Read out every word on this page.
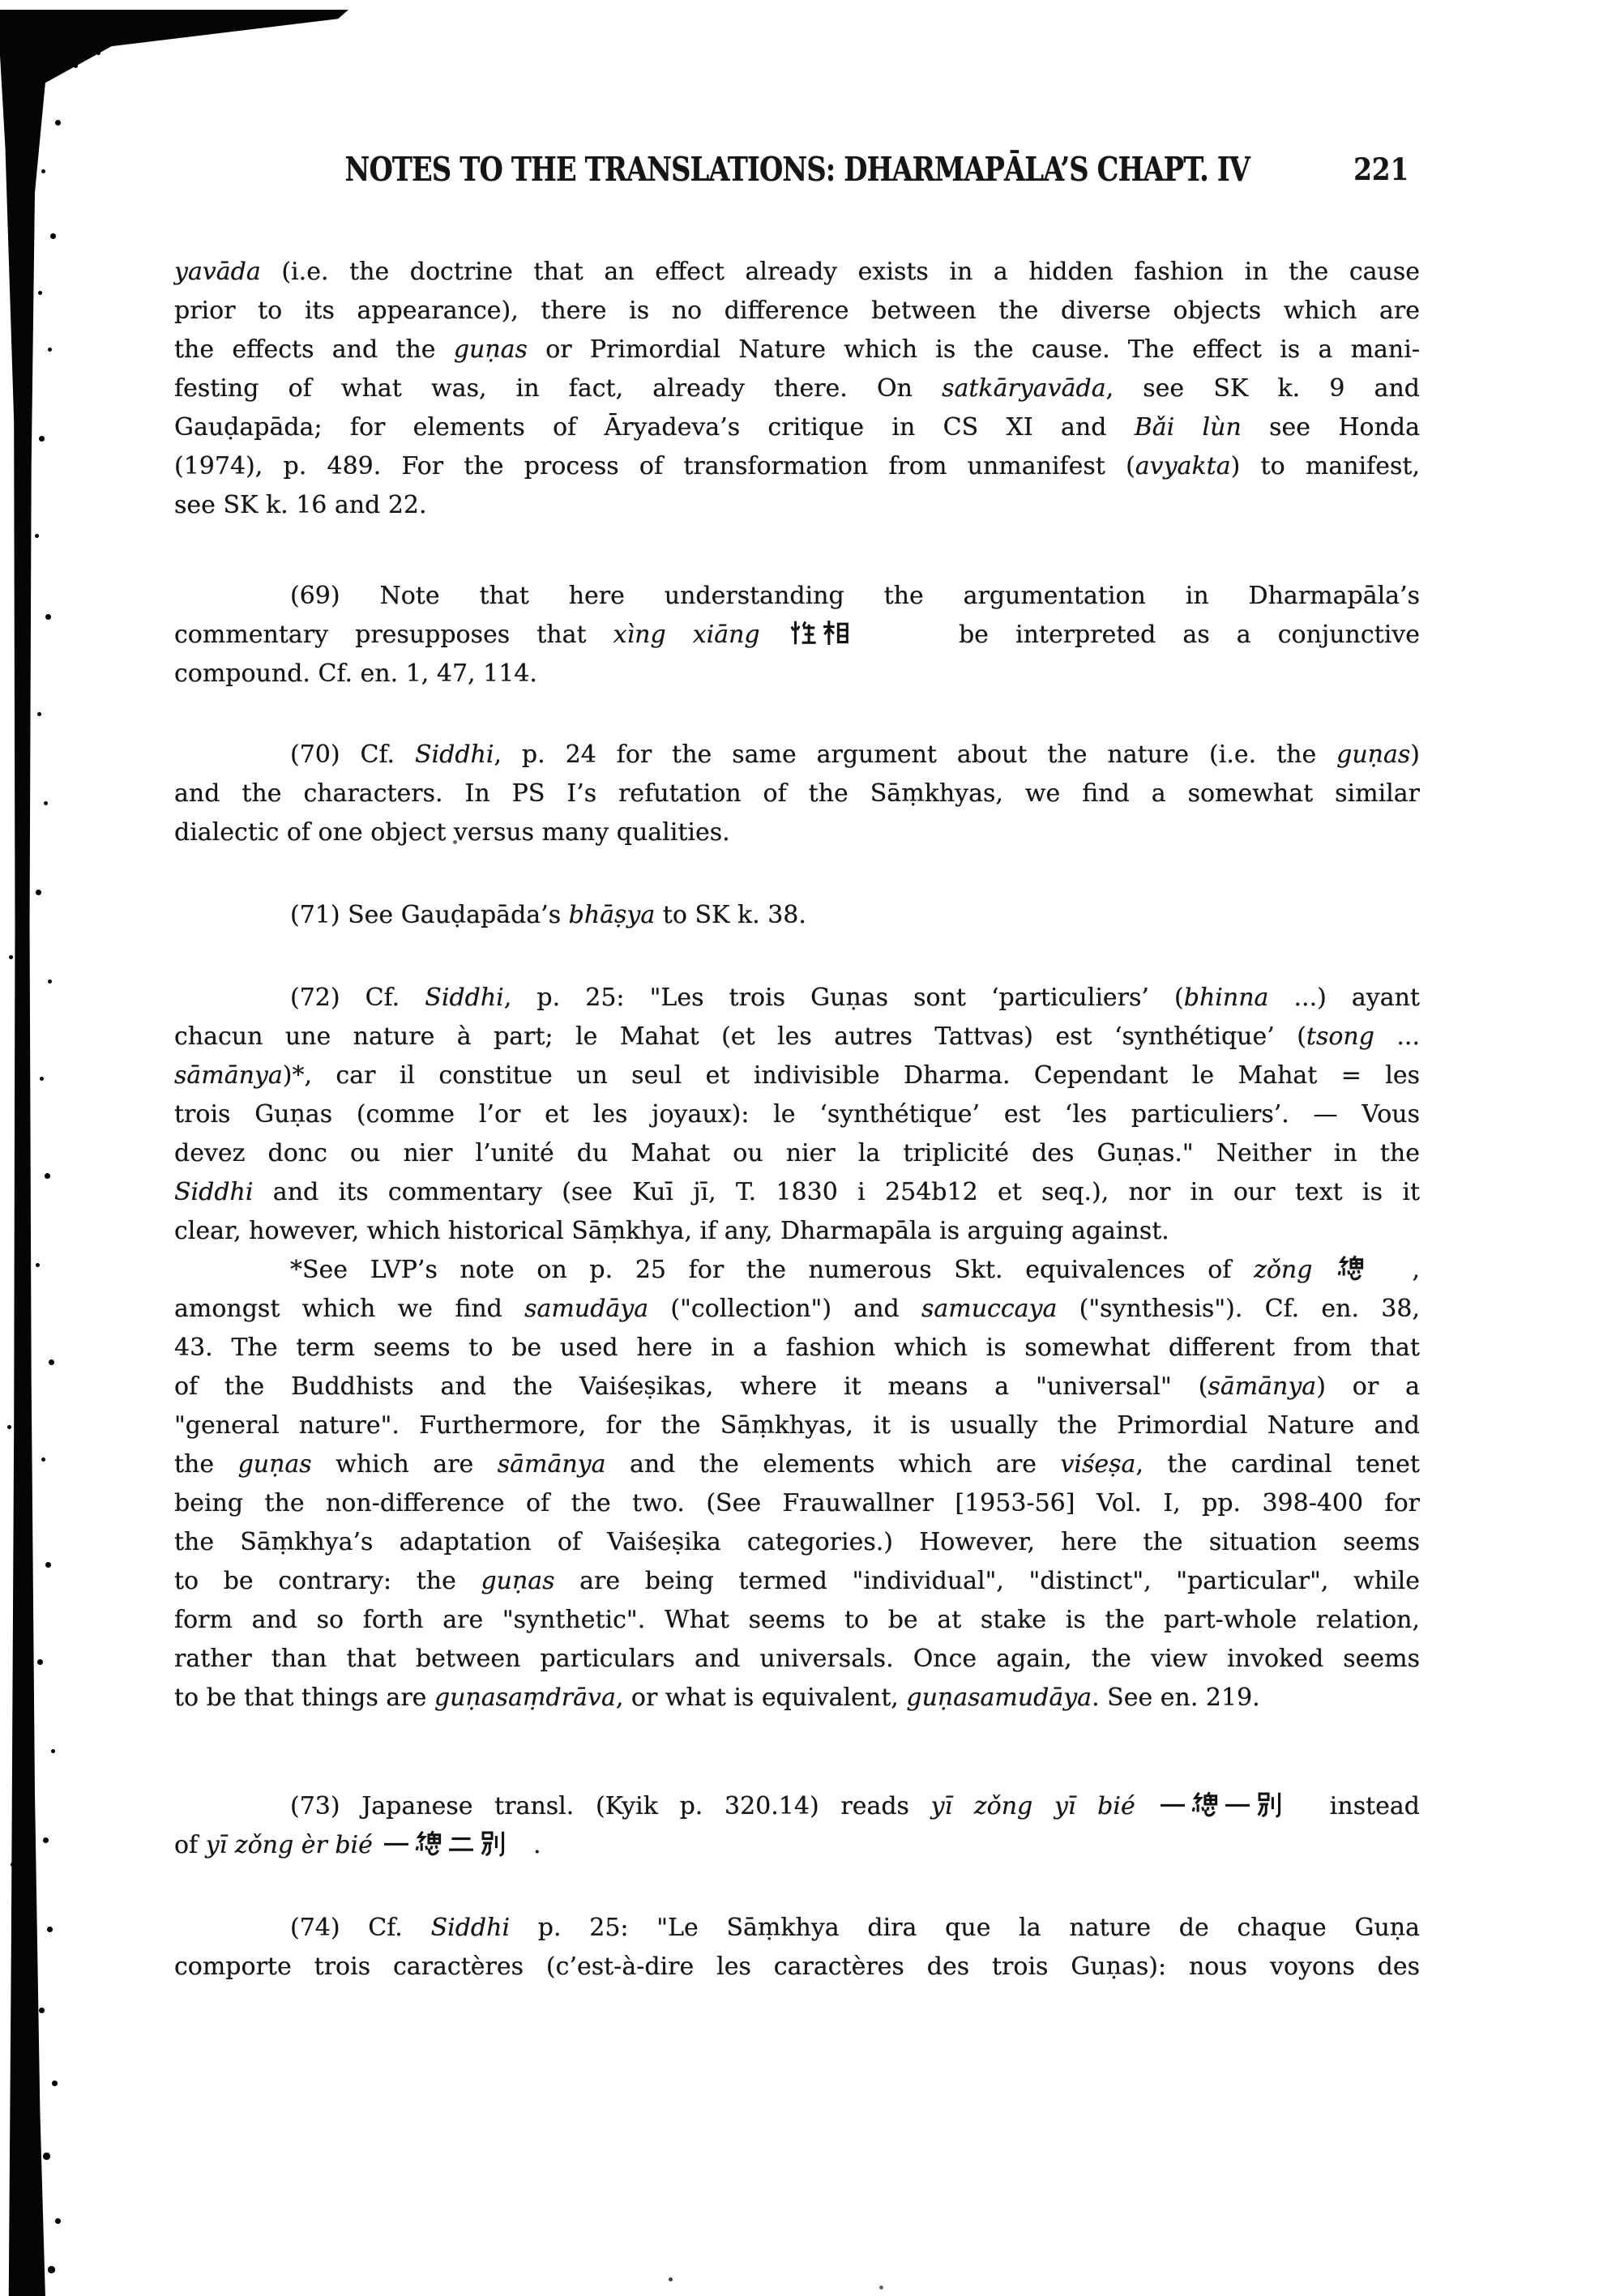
NOTES TO THE TRANSLATIONS: DHARMAPĀLA’S CHAPT. IV	221
yavāda (i.e. the doctrine that an effect already exists in a hidden fashion in the cause
prior to its appearance), there is no difference between the diverse objects which are
the effects and the guṇas or Primordial Nature which is the cause. The effect is a mani-
festing of what was, in fact, already there. On satkāryavāda, see SK k. 9 and
Gauḍapāda; for elements of Āryadeva’s critique in CS XI and Bǎi lùn see Honda
(1974), p. 489. For the process of transformation from unmanifest (avyakta) to manifest,
see SK k. 16 and 22.
(69) Note that here understanding the argumentation in Dharmapāla’s
commentary presupposes that xìng xiāng	be interpreted as a conjunctive
compound. Cf. en. 1, 47, 114.
(70) Cf. Siddhi, p. 24 for the same argument about the nature (i.e. the guṇas)
and the characters. In PS I’s refutation of the Sāṃkhyas, we find a somewhat similar
dialectic of one object versus many qualities.
(71) See Gauḍapāda’s bhāṣya to SK k. 38.
(72) Cf. Siddhi, p. 25: "Les trois Guṇas sont ‘particuliers’ (bhinna ...) ayant
chacun une nature à part; le Mahat (et les autres Tattvas) est ‘synthétique’ (tsong ...
sāmānya)*, car il constitue un seul et indivisible Dharma. Cependant le Mahat = les
trois Guṇas (comme l’or et les joyaux): le ‘synthétique’ est ‘les particuliers’. — Vous
devez donc ou nier l’unité du Mahat ou nier la triplicité des Guṇas." Neither in the
Siddhi and its commentary (see Kuī jī, T. 1830 i 254b12 et seq.), nor in our text is it
clear, however, which historical Sāṃkhya, if any, Dharmapāla is arguing against.
*See LVP’s note on p. 25 for the numerous Skt. equivalences of zǒng   ,
amongst which we find samudāya ("collection") and samuccaya ("synthesis"). Cf. en. 38,
43. The term seems to be used here in a fashion which is somewhat different from that
of the Buddhists and the Vaiśeṣikas, where it means a "universal" (sāmānya) or a
"general nature". Furthermore, for the Sāṃkhyas, it is usually the Primordial Nature and
the guṇas which are sāmānya and the elements which are viśeṣa, the cardinal tenet
being the non-difference of the two. (See Frauwallner [1953-56] Vol. I, pp. 398-400 for
the Sāṃkhya’s adaptation of Vaiśeṣika categories.) However, here the situation seems
to be contrary: the guṇas are being termed "individual", "distinct", "particular", while
form and so forth are "synthetic". What seems to be at stake is the part-whole relation,
rather than that between particulars and universals. Once again, the view invoked seems
to be that things are guṇasaṃdrāva, or what is equivalent, guṇasamudāya. See en. 219.
(73) Japanese transl. (Kyik p. 320.14) reads yī zǒng yī bié	instead
of yī zǒng èr bié	.
(74) Cf. Siddhi p. 25: "Le Sāṃkhya dira que la nature de chaque Guṇa
comporte trois caractères (c’est-à-dire les caractères des trois Guṇas): nous voyons des
